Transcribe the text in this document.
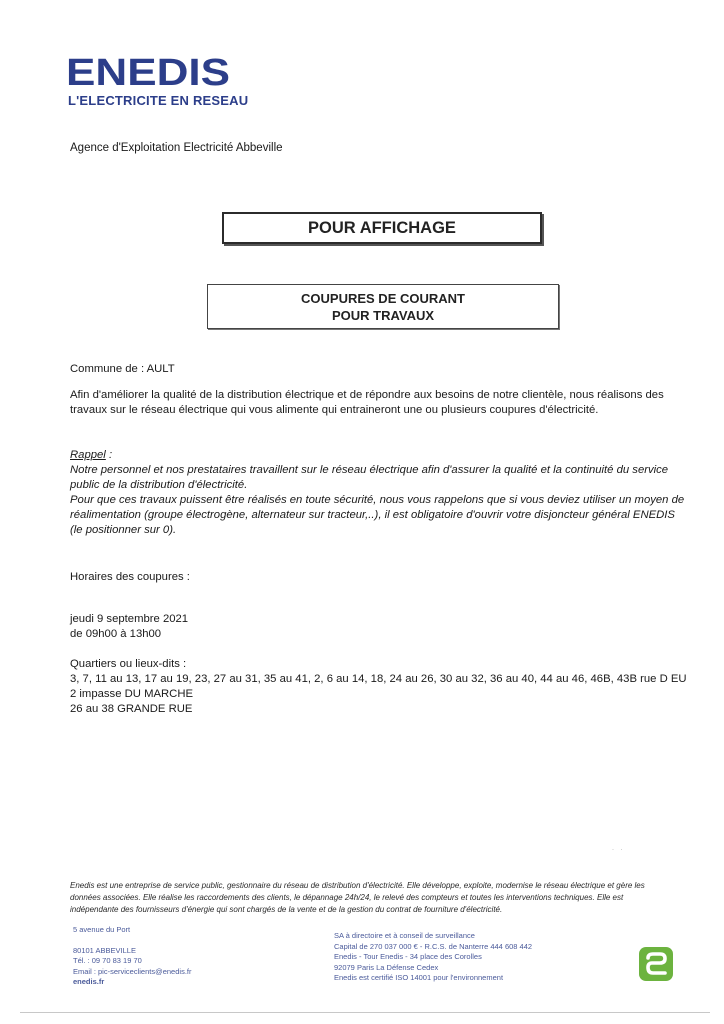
ENEDIS
L'ELECTRICITE EN RESEAU
Agence d'Exploitation Electricité Abbeville
POUR AFFICHAGE
COUPURES DE COURANT
POUR TRAVAUX
Commune de : AULT
Afin d'améliorer la qualité de la distribution électrique et de répondre aux besoins de notre clientèle, nous réalisons des travaux sur le réseau électrique qui vous alimente qui entraineront une ou plusieurs coupures d'électricité.
Rappel :
Notre personnel et nos prestataires travaillent sur le réseau électrique afin d'assurer la qualité et la continuité du service public de la distribution d'électricité.
Pour que ces travaux puissent être réalisés en toute sécurité, nous vous rappelons que si vous deviez utiliser un moyen de réalimentation (groupe électrogène, alternateur sur tracteur,..), il est obligatoire d'ouvrir votre disjoncteur général ENEDIS (le positionner sur 0).
Horaires des coupures :
jeudi 9 septembre 2021
de 09h00 à 13h00
Quartiers ou lieux-dits :
3, 7, 11 au 13, 17 au 19, 23, 27 au 31, 35 au 41, 2, 6 au 14, 18, 24 au 26, 30 au 32, 36 au 40, 44 au 46, 46B, 43B rue D EU
2 impasse DU MARCHE
26 au 38 GRANDE RUE
·    ·
Enedis est une entreprise de service public, gestionnaire du réseau de distribution d'électricité. Elle développe, exploite, modernise le réseau électrique et gère les données associées. Elle réalise les raccordements des clients, le dépannage 24h/24, le relevé des compteurs et toutes les interventions techniques. Elle est indépendante des fournisseurs d'énergie qui sont chargés de la vente et de la gestion du contrat de fourniture d'électricité.
5 avenue du Port
80101 ABBEVILLE
Tél. : 09 70 83 19 70
Email : pic-serviceclients@enedis.fr
enedis.fr
SA à directoire et à conseil de surveillance
Capital de 270 037 000 € - R.C.S. de Nanterre 444 608 442
Enedis - Tour Enedis - 34 place des Corolles
92079 Paris La Défense Cedex
Enedis est certifié ISO 14001 pour l'environnement
